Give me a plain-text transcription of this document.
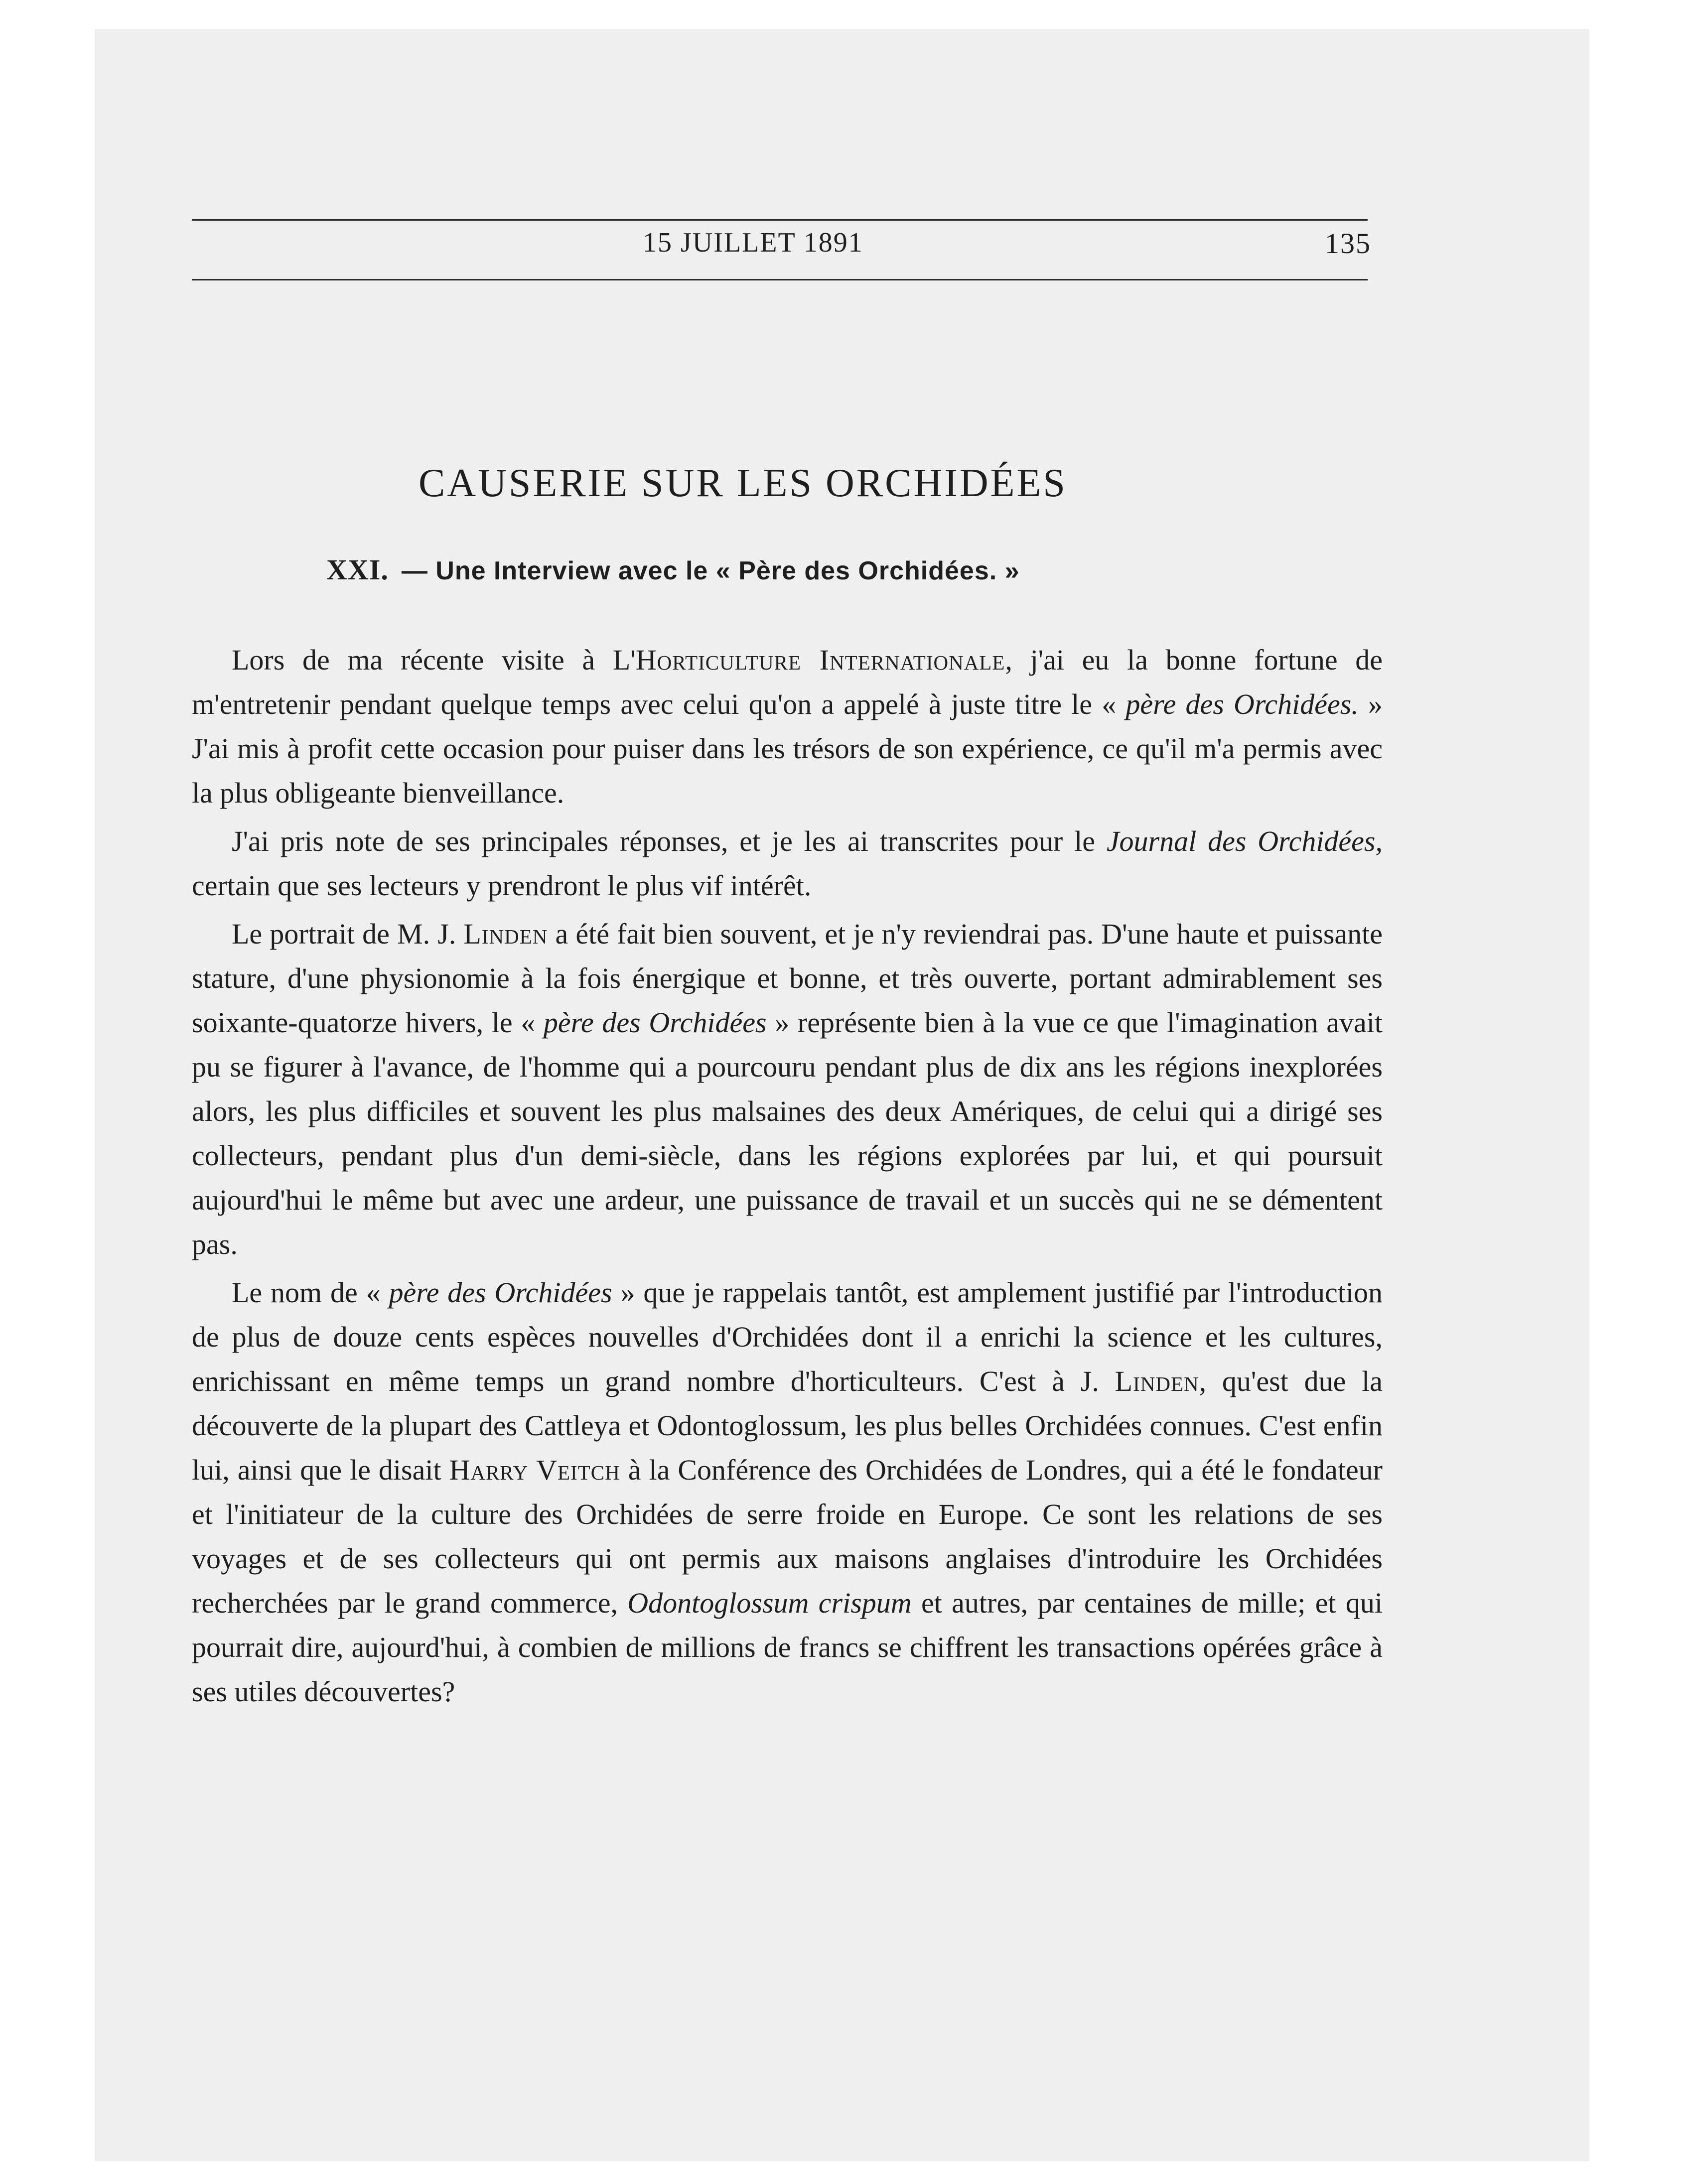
15 JUILLET 1891	135
CAUSERIE SUR LES ORCHIDÉES
XXI. — Une Interview avec le « Père des Orchidées. »

Lors de ma récente visite à L'Horticulture Internationale, j'ai eu la bonne fortune de m'entretenir pendant quelque temps avec celui qu'on a appelé à juste titre le « père des Orchidées. » J'ai mis à profit cette occasion pour puiser dans les trésors de son expérience, ce qu'il m'a permis avec la plus obligeante bienveillance.

J'ai pris note de ses principales réponses, et je les ai transcrites pour le Journal des Orchidées, certain que ses lecteurs y prendront le plus vif intérêt.

Le portrait de M. J. Linden a été fait bien souvent, et je n'y reviendrai pas. D'une haute et puissante stature, d'une physionomie à la fois énergique et bonne, et très ouverte, portant admirablement ses soixante-quatorze hivers, le « père des Orchidées » représente bien à la vue ce que l'imagination avait pu se figurer à l'avance, de l'homme qui a pourcouru pendant plus de dix ans les régions inexplorées alors, les plus difficiles et souvent les plus malsaines des deux Amériques, de celui qui a dirigé ses collecteurs, pendant plus d'un demi-siècle, dans les régions explorées par lui, et qui poursuit aujourd'hui le même but avec une ardeur, une puissance de travail et un succès qui ne se démentent pas.

Le nom de « père des Orchidées » que je rappelais tantôt, est amplement justifié par l'introduction de plus de douze cents espèces nouvelles d'Orchidées dont il a enrichi la science et les cultures, enrichissant en même temps un grand nombre d'horticulteurs. C'est à J. Linden, qu'est due la découverte de la plupart des Cattleya et Odontoglossum, les plus belles Orchidées connues. C'est enfin lui, ainsi que le disait Harry Veitch à la Conférence des Orchidées de Londres, qui a été le fondateur et l'initiateur de la culture des Orchidées de serre froide en Europe. Ce sont les relations de ses voyages et de ses collecteurs qui ont permis aux maisons anglaises d'introduire les Orchidées recherchées par le grand commerce, Odontoglossum crispum et autres, par centaines de mille; et qui pourrait dire, aujourd'hui, à combien de millions de francs se chiffrent les transactions opérées grâce à ses utiles découvertes?
